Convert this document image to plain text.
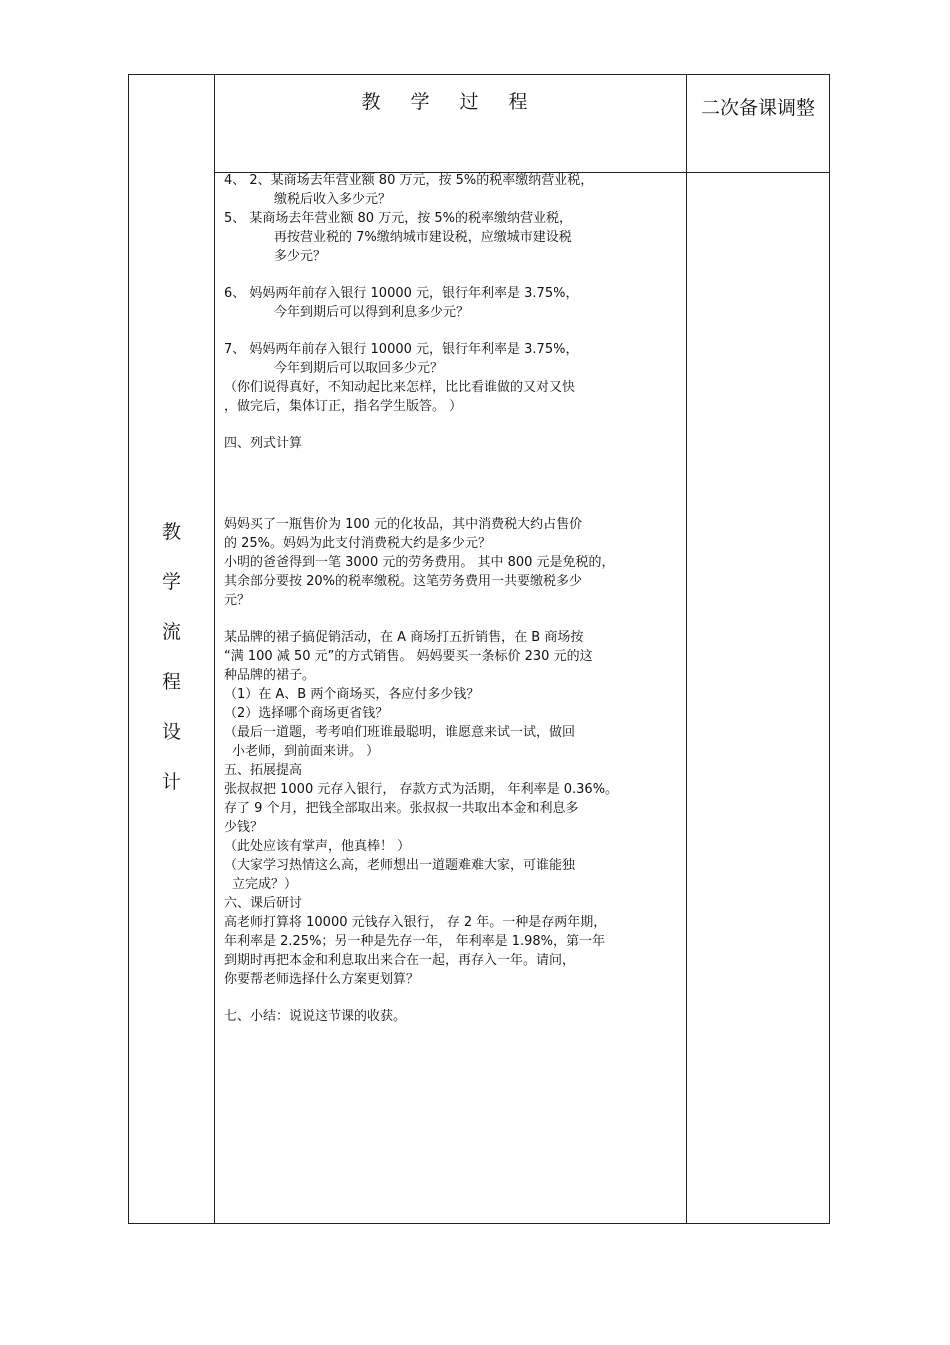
教 学 过 程	二次备课调整
教
学
流
程
设
计

4、 2、某商场去年营业额 80 万元，按 5%的税率缴纳营业税，

缴税后收入多少元？

5、 某商场去年营业额 80 万元，按 5%的税率缴纳营业税，

再按营业税的 7%缴纳城市建设税，应缴城市建设税

多少元？

6、 妈妈两年前存入银行 10000 元，银行年利率是 3.75%，

今年到期后可以得到利息多少元？

7、 妈妈两年前存入银行 10000 元，银行年利率是 3.75%，

今年到期后可以取回多少元？

（你们说得真好，不知动起比来怎样，比比看谁做的又对又快

，做完后，集体订正，指名学生版答。 ）

四、列式计算

妈妈买了一瓶售价为 100 元的化妆品，其中消费税大约占售价

的 25%。妈妈为此支付消费税大约是多少元？

小明的爸爸得到一笔 3000 元的劳务费用。 其中 800 元是免税的，

其余部分要按 20%的税率缴税。这笔劳务费用一共要缴税多少

元？

某品牌的裙子搞促销活动，在 A 商场打五折销售，在 B 商场按

“满 100 减 50 元”的方式销售。 妈妈要买一条标价 230 元的这

种品牌的裙子。

（1）在 A、B 两个商场买，各应付多少钱？

（2）选择哪个商场更省钱？

（最后一道题，考考咱们班谁最聪明，谁愿意来试一试，做回

小老师，到前面来讲。 ）

五、拓展提高

张叔叔把 1000 元存入银行， 存款方式为活期， 年利率是 0.36%。

存了 9 个月，把钱全部取出来。张叔叔一共取出本金和利息多

少钱？

（此处应该有掌声，他真棒！ ）

（大家学习热情这么高，老师想出一道题难难大家，可谁能独

立完成？）

六、课后研讨

高老师打算将 10000 元钱存入银行， 存 2 年。一种是存两年期，

年利率是 2.25%；另一种是先存一年， 年利率是 1.98%，第一年

到期时再把本金和利息取出来合在一起，再存入一年。请问，

你要帮老师选择什么方案更划算？

七、小结：说说这节课的收获。
